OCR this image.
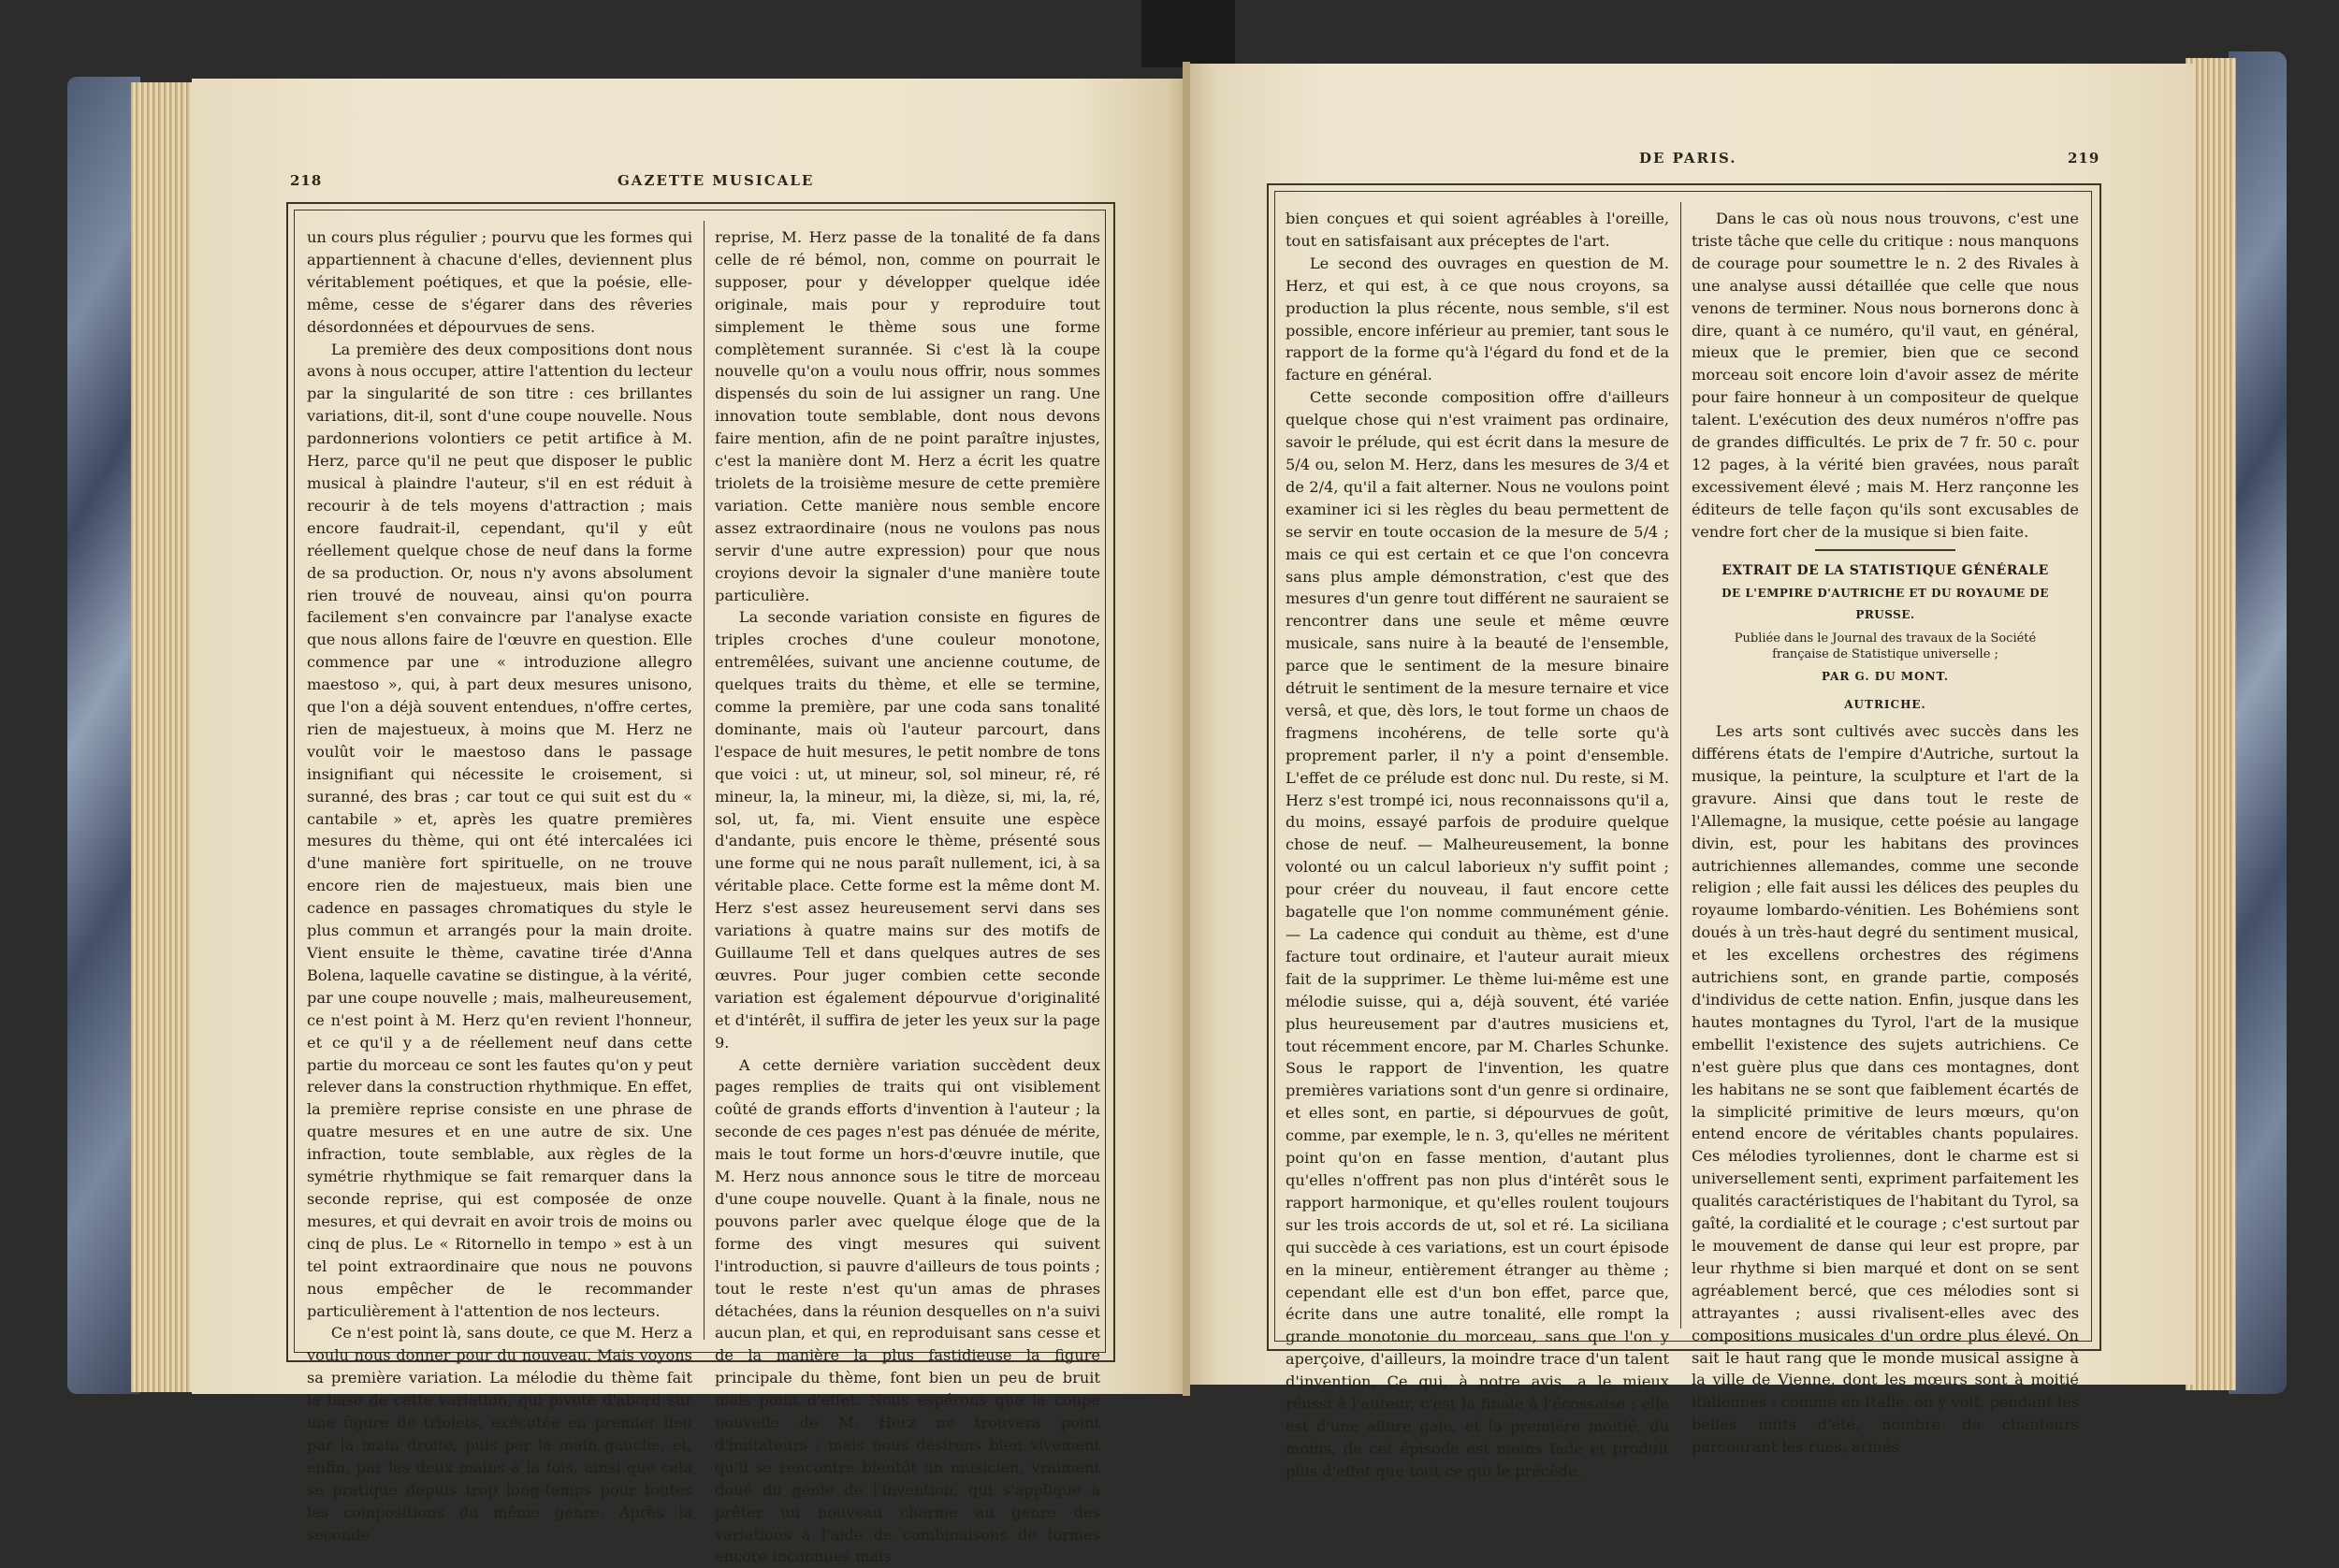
218	GAZETTE MUSICALE

un cours plus régulier ; pourvu que les formes qui appartiennent à chacune d'elles, deviennent plus véritablement poétiques, et que la poésie, elle-même, cesse de s'égarer dans des rêveries désordonnées et dépourvues de sens.

La première des deux compositions dont nous avons à nous occuper, attire l'attention du lecteur par la singularité de son titre : ces brillantes variations, dit-il, sont d'une coupe nouvelle. Nous pardonnerions volontiers ce petit artifice à M. Herz, parce qu'il ne peut que disposer le public musical à plaindre l'auteur, s'il en est réduit à recourir à de tels moyens d'attraction ; mais encore faudrait-il, cependant, qu'il y eût réellement quelque chose de neuf dans la forme de sa production. Or, nous n'y avons absolument rien trouvé de nouveau, ainsi qu'on pourra facilement s'en convaincre par l'analyse exacte que nous allons faire de l'œuvre en question. Elle commence par une « introduzione allegro maestoso », qui, à part deux mesures unisono, que l'on a déjà souvent entendues, n'offre certes, rien de majestueux, à moins que M. Herz ne voulût voir le maestoso dans le passage insignifiant qui nécessite le croisement, si suranné, des bras ; car tout ce qui suit est du « cantabile » et, après les quatre premières mesures du thème, qui ont été intercalées ici d'une manière fort spirituelle, on ne trouve encore rien de majestueux, mais bien une cadence en passages chromatiques du style le plus commun et arrangés pour la main droite. Vient ensuite le thème, cavatine tirée d'Anna Bolena, laquelle cavatine se distingue, à la vérité, par une coupe nouvelle ; mais, malheureusement, ce n'est point à M. Herz qu'en revient l'honneur, et ce qu'il y a de réellement neuf dans cette partie du morceau ce sont les fautes qu'on y peut relever dans la construction rhythmique. En effet, la première reprise consiste en une phrase de quatre mesures et en une autre de six. Une infraction, toute semblable, aux règles de la symétrie rhythmique se fait remarquer dans la seconde reprise, qui est composée de onze mesures, et qui devrait en avoir trois de moins ou cinq de plus. Le « Ritornello in tempo » est à un tel point extraordinaire que nous ne pouvons nous empêcher de le recommander particulièrement à l'attention de nos lecteurs.

Ce n'est point là, sans doute, ce que M. Herz a voulu nous donner pour du nouveau. Mais voyons sa première variation. La mélodie du thème fait la base de cette variation, qui pivote d'abord sur une figure de triolets, exécutée en premier lieu par la main droite, puis par la main gauche, et, enfin, par les deux mains à la fois, ainsi que cela se pratique depuis trop long-temps pour toutes les compositions du même genre. Après la seconde

reprise, M. Herz passe de la tonalité de fa dans celle de ré bémol, non, comme on pourrait le supposer, pour y développer quelque idée originale, mais pour y reproduire tout simplement le thème sous une forme complètement surannée. Si c'est là la coupe nouvelle qu'on a voulu nous offrir, nous sommes dispensés du soin de lui assigner un rang. Une innovation toute semblable, dont nous devons faire mention, afin de ne point paraître injustes, c'est la manière dont M. Herz a écrit les quatre triolets de la troisième mesure de cette première variation. Cette manière nous semble encore assez extraordinaire (nous ne voulons pas nous servir d'une autre expression) pour que nous croyions devoir la signaler d'une manière toute particulière.

La seconde variation consiste en figures de triples croches d'une couleur monotone, entremêlées, suivant une ancienne coutume, de quelques traits du thème, et elle se termine, comme la première, par une coda sans tonalité dominante, mais où l'auteur parcourt, dans l'espace de huit mesures, le petit nombre de tons que voici : ut, ut mineur, sol, sol mineur, ré, ré mineur, la, la mineur, mi, la dièze, si, mi, la, ré, sol, ut, fa, mi. Vient ensuite une espèce d'andante, puis encore le thème, présenté sous une forme qui ne nous paraît nullement, ici, à sa véritable place. Cette forme est la même dont M. Herz s'est assez heureusement servi dans ses variations à quatre mains sur des motifs de Guillaume Tell et dans quelques autres de ses œuvres. Pour juger combien cette seconde variation est également dépourvue d'originalité et d'intérêt, il suffira de jeter les yeux sur la page 9.

A cette dernière variation succèdent deux pages remplies de traits qui ont visiblement coûté de grands efforts d'invention à l'auteur ; la seconde de ces pages n'est pas dénuée de mérite, mais le tout forme un hors-d'œuvre inutile, que M. Herz nous annonce sous le titre de morceau d'une coupe nouvelle. Quant à la finale, nous ne pouvons parler avec quelque éloge que de la forme des vingt mesures qui suivent l'introduction, si pauvre d'ailleurs de tous points ; tout le reste n'est qu'un amas de phrases détachées, dans la réunion desquelles on n'a suivi aucun plan, et qui, en reproduisant sans cesse et de la manière la plus fastidieuse la figure principale du thème, font bien un peu de bruit mais point d'effet. Nous espérons que la coupe nouvelle de M. Herz ne trouvera point d'imitateurs ; mais nous désirons bien vivement qu'il se rencontre bientôt un musicien, vraiment doué du génie de l'invention, qui s'applique à prêter un nouveau charme au genre des variations à l'aide de combinaisons de formes encore inconnues mais

DE PARIS.	219

bien conçues et qui soient agréables à l'oreille, tout en satisfaisant aux préceptes de l'art.

Le second des ouvrages en question de M. Herz, et qui est, à ce que nous croyons, sa production la plus récente, nous semble, s'il est possible, encore inférieur au premier, tant sous le rapport de la forme qu'à l'égard du fond et de la facture en général.

Cette seconde composition offre d'ailleurs quelque chose qui n'est vraiment pas ordinaire, savoir le prélude, qui est écrit dans la mesure de 5/4 ou, selon M. Herz, dans les mesures de 3/4 et de 2/4, qu'il a fait alterner. Nous ne voulons point examiner ici si les règles du beau permettent de se servir en toute occasion de la mesure de 5/4 ; mais ce qui est certain et ce que l'on concevra sans plus ample démonstration, c'est que des mesures d'un genre tout différent ne sauraient se rencontrer dans une seule et même œuvre musicale, sans nuire à la beauté de l'ensemble, parce que le sentiment de la mesure binaire détruit le sentiment de la mesure ternaire et vice versâ, et que, dès lors, le tout forme un chaos de fragmens incohérens, de telle sorte qu'à proprement parler, il n'y a point d'ensemble. L'effet de ce prélude est donc nul. Du reste, si M. Herz s'est trompé ici, nous reconnaissons qu'il a, du moins, essayé parfois de produire quelque chose de neuf. — Malheureusement, la bonne volonté ou un calcul laborieux n'y suffit point ; pour créer du nouveau, il faut encore cette bagatelle que l'on nomme communément génie. — La cadence qui conduit au thème, est d'une facture tout ordinaire, et l'auteur aurait mieux fait de la supprimer. Le thème lui-même est une mélodie suisse, qui a, déjà souvent, été variée plus heureusement par d'autres musiciens et, tout récemment encore, par M. Charles Schunke. Sous le rapport de l'invention, les quatre premières variations sont d'un genre si ordinaire, et elles sont, en partie, si dépourvues de goût, comme, par exemple, le n. 3, qu'elles ne méritent point qu'on en fasse mention, d'autant plus qu'elles n'offrent pas non plus d'intérêt sous le rapport harmonique, et qu'elles roulent toujours sur les trois accords de ut, sol et ré. La siciliana qui succède à ces variations, est un court épisode en la mineur, entièrement étranger au thème ; cependant elle est d'un bon effet, parce que, écrite dans une autre tonalité, elle rompt la grande monotonie du morceau, sans que l'on y aperçoive, d'ailleurs, la moindre trace d'un talent d'invention. Ce qui, à notre avis, a le mieux réussi à l'auteur, c'est la finale à l'écossaise : elle est d'une allure gaie, et la première moitié, du moins, de cet épisode est moins fade et produit plus d'effet que tout ce qui le précède.

Dans le cas où nous nous trouvons, c'est une triste tâche que celle du critique : nous manquons de courage pour soumettre le n. 2 des Rivales à une analyse aussi détaillée que celle que nous venons de terminer. Nous nous bornerons donc à dire, quant à ce numéro, qu'il vaut, en général, mieux que le premier, bien que ce second morceau soit encore loin d'avoir assez de mérite pour faire honneur à un compositeur de quelque talent. L'exécution des deux numéros n'offre pas de grandes difficultés. Le prix de 7 fr. 50 c. pour 12 pages, à la vérité bien gravées, nous paraît excessivement élevé ; mais M. Herz rançonne les éditeurs de telle façon qu'ils sont excusables de vendre fort cher de la musique si bien faite.

EXTRAIT DE LA STATISTIQUE GÉNÉRALE

DE L'EMPIRE D'AUTRICHE ET DU ROYAUME DE PRUSSE.

Publiée dans le Journal des travaux de la Société française de Statistique universelle ;

PAR G. DU MONT.

AUTRICHE.

Les arts sont cultivés avec succès dans les différens états de l'empire d'Autriche, surtout la musique, la peinture, la sculpture et l'art de la gravure. Ainsi que dans tout le reste de l'Allemagne, la musique, cette poésie au langage divin, est, pour les habitans des provinces autrichiennes allemandes, comme une seconde religion ; elle fait aussi les délices des peuples du royaume lombardo-vénitien. Les Bohémiens sont doués à un très-haut degré du sentiment musical, et les excellens orchestres des régimens autrichiens sont, en grande partie, composés d'individus de cette nation. Enfin, jusque dans les hautes montagnes du Tyrol, l'art de la musique embellit l'existence des sujets autrichiens. Ce n'est guère plus que dans ces montagnes, dont les habitans ne se sont que faiblement écartés de la simplicité primitive de leurs mœurs, qu'on entend encore de véritables chants populaires. Ces mélodies tyroliennes, dont le charme est si universellement senti, expriment parfaitement les qualités caractéristiques de l'habitant du Tyrol, sa gaîté, la cordialité et le courage ; c'est surtout par le mouvement de danse qui leur est propre, par leur rhythme si bien marqué et dont on se sent agréablement bercé, que ces mélodies sont si attrayantes ; aussi rivalisent-elles avec des compositions musicales d'un ordre plus élevé. On sait le haut rang que le monde musical assigne à la ville de Vienne, dont les mœurs sont à moitié italiennes : comme en Italie, on y voit, pendant les belles nuits d'été, nombre de chanteurs parcourant les rues, armés
